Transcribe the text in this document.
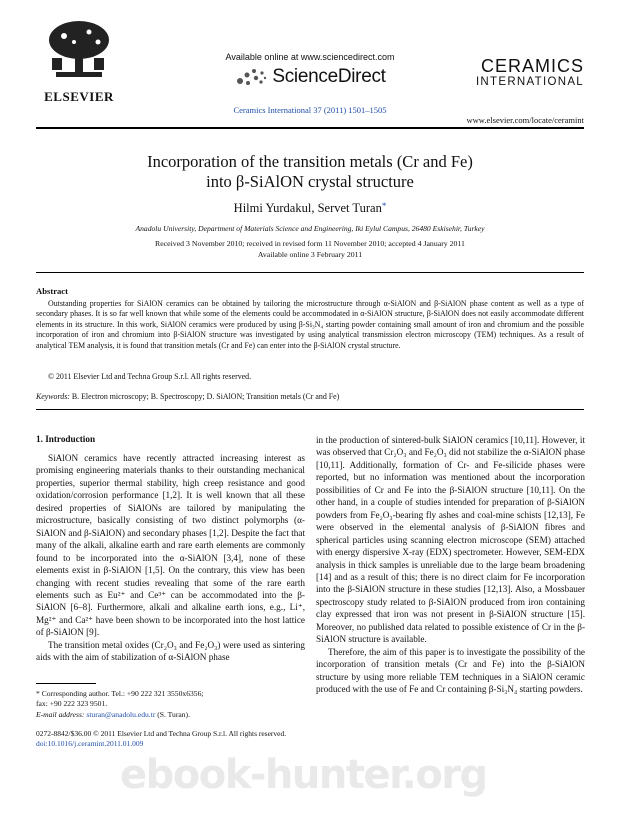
ELSEVIER
Available online at www.sciencedirect.com
ScienceDirect
Ceramics International 37 (2011) 1501–1505
CERAMICS
INTERNATIONAL
www.elsevier.com/locate/ceramint
Incorporation of the transition metals (Cr and Fe)
into β-SiAlON crystal structure
Hilmi Yurdakul, Servet Turan*
Anadolu University, Department of Materials Science and Engineering, Iki Eylul Campus, 26480 Eskisehir, Turkey
Received 3 November 2010; received in revised form 11 November 2010; accepted 4 January 2011
Available online 3 February 2011
Abstract
Outstanding properties for SiAlON ceramics can be obtained by tailoring the microstructure through α-SiAlON and β-SiAlON phase content as well as a type of secondary phases. It is so far well known that while some of the elements could be accommodated in α-SiAlON structure, β-SiAlON does not easily accommodate different elements in its structure. In this work, SiAlON ceramics were produced by using β-Si₃N₄ starting powder containing small amount of iron and chromium and the possible incorporation of iron and chromium into β-SiAlON structure was investigated by using analytical transmission electron microscopy (TEM) techniques. As a result of analytical TEM analysis, it is found that transition metals (Cr and Fe) can enter into the β-SiAlON crystal structure.
© 2011 Elsevier Ltd and Techna Group S.r.l. All rights reserved.
Keywords: B. Electron microscopy; B. Spectroscopy; D. SiAlON; Transition metals (Cr and Fe)
1. Introduction

SiAlON ceramics have recently attracted increasing interest as promising engineering materials thanks to their outstanding mechanical properties, superior thermal stability, high creep resistance and good oxidation/corrosion performance [1,2]. It is well known that all these desired properties of SiAlONs are tailored by manipulating the microstructure, basically consisting of two distinct polymorphs (α-SiAlON and β-SiAlON) and secondary phases [1,2]. Despite the fact that many of the alkali, alkaline earth and rare earth elements are commonly found to be incorporated into the α-SiAlON [3,4], none of these elements exist in β-SiAlON [1,5]. On the contrary, this view has been changing with recent studies revealing that some of the rare earth elements such as Eu²⁺ and Ce³⁺ can be accommodated into the β-SiAlON [6–8]. Furthermore, alkali and alkaline earth ions, e.g., Li⁺, Mg²⁺ and Ca²⁺ have been shown to be incorporated into the host lattice of β-SiAlON [9].

The transition metal oxides (Cr₂O₃ and Fe₂O₃) were used as sintering aids with the aim of stabilization of α-SiAlON phase

in the production of sintered-bulk SiAlON ceramics [10,11]. However, it was observed that Cr₂O₃ and Fe₂O₃ did not stabilize the α-SiAlON phase [10,11]. Additionally, formation of Cr- and Fe-silicide phases were reported, but no information was mentioned about the incorporation possibilities of Cr and Fe into the β-SiAlON structure [10,11]. On the other hand, in a couple of studies intended for preparation of β-SiAlON powders from Fe₂O₃-bearing fly ashes and coal-mine schists [12,13], Fe were observed in the elemental analysis of β-SiAlON fibres and spherical particles using scanning electron microscope (SEM) attached with energy dispersive X-ray (EDX) spectrometer. However, SEM-EDX analysis in thick samples is unreliable due to the large beam broadening [14] and as a result of this; there is no direct claim for Fe incorporation into the β-SiAlON structure in these studies [12,13]. Also, a Mossbauer spectroscopy study related to β-SiAlON produced from iron containing clay expressed that iron was not present in β-SiAlON structure [15]. Moreover, no published data related to possible existence of Cr in the β-SiAlON structure is available.

Therefore, the aim of this paper is to investigate the possibility of the incorporation of transition metals (Cr and Fe) into the β-SiAlON structure by using more reliable TEM techniques in a SiAlON ceramic produced with the use of Fe and Cr containing β-Si₃N₄ starting powders.

* Corresponding author. Tel.: +90 222 321 3550x6356;
fax: +90 222 323 9501.
E-mail address: sturan@anadolu.edu.tr (S. Turan).
0272-8842/$36.00 © 2011 Elsevier Ltd and Techna Group S.r.l. All rights reserved.
doi:10.1016/j.ceramint.2011.01.009
ebook-hunter.org
